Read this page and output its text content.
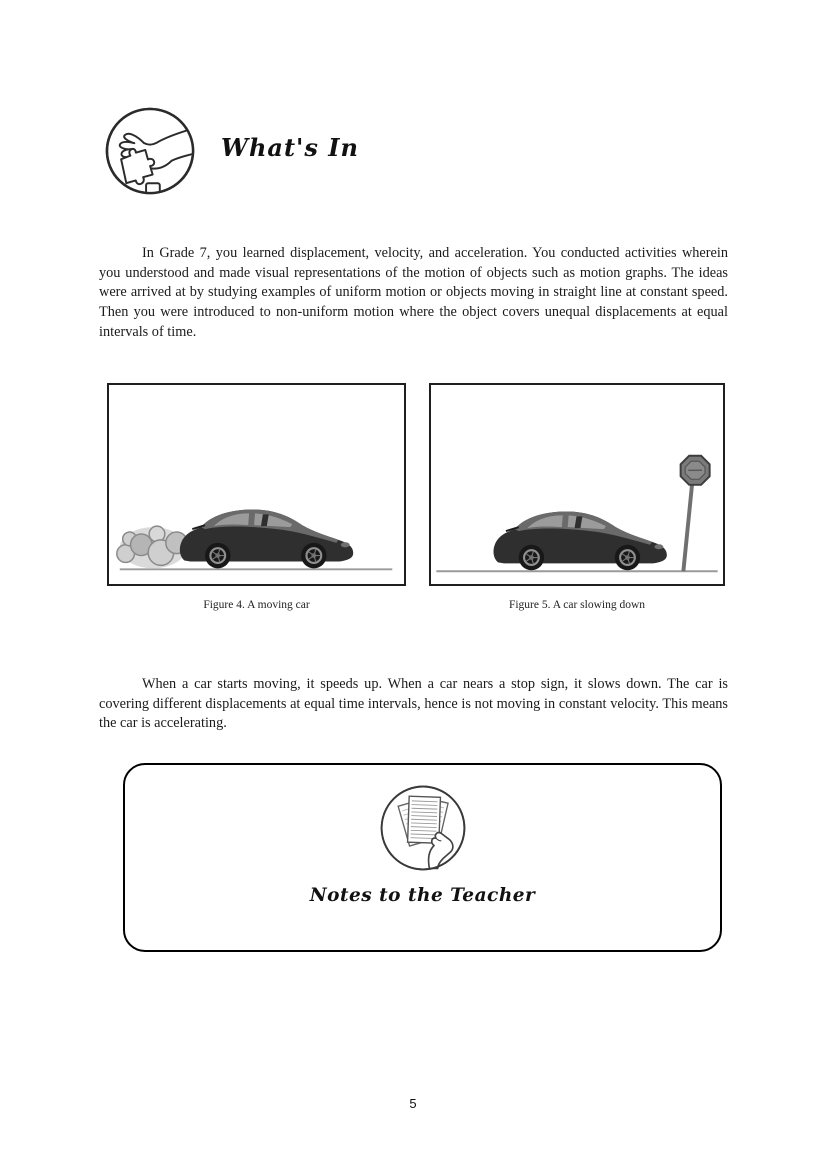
What's In

In Grade 7, you learned displacement, velocity, and acceleration. You conducted activities wherein you understood and made visual representations of the motion of objects such as motion graphs. The ideas were arrived at by studying examples of uniform motion or objects moving in straight line at constant speed. Then you were introduced to non-uniform motion where the object covers unequal displacements at equal intervals of time.

Figure 4. A moving car	Figure 5. A car slowing down

When a car starts moving, it speeds up. When a car nears a stop sign, it slows down. The car is covering different displacements at equal time intervals, hence is not moving in constant velocity. This means the car is accelerating.

Notes to the Teacher
5
